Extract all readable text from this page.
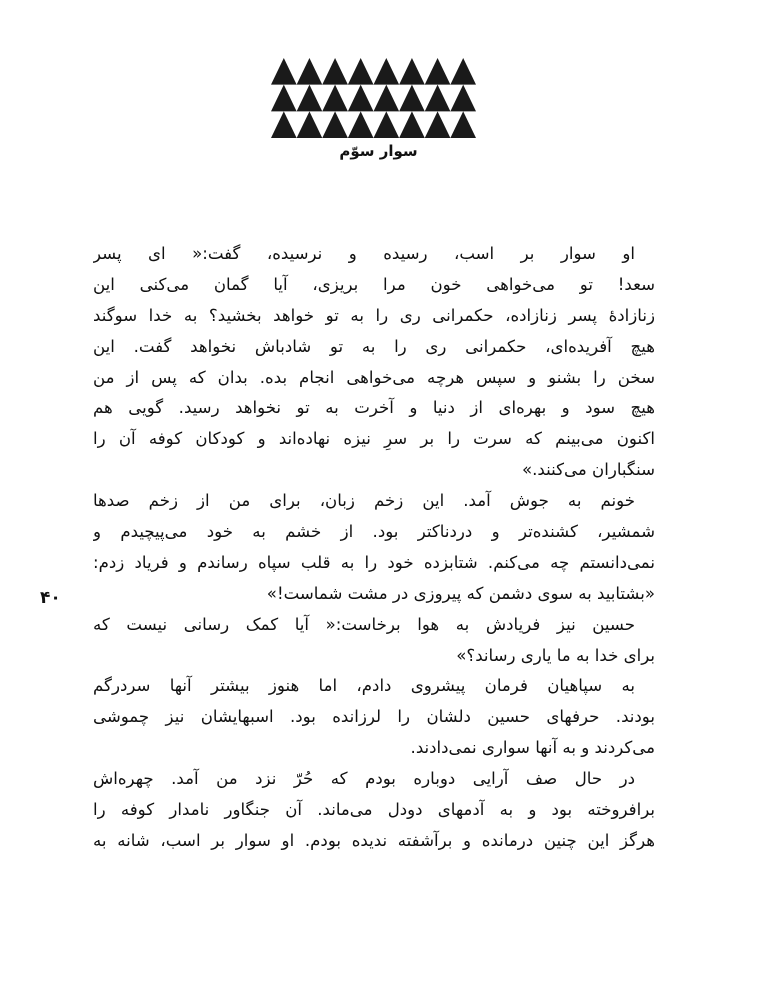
سوار سوّم
او سوار بر اسب، رسیده و نرسیده، گفت:« ای پسر
سعد! تو می‌خواهی خون مرا بریزی، آیا گمان می‌کنی این
زنازادۀ پسر زنازاده، حکمرانی ری را به تو خواهد بخشید؟ به خدا سوگند
هیچ آفریده‌ای، حکمرانی ری را به تو شادباش نخواهد گفت. این
سخن را بشنو و سپس هرچه می‌خواهی انجام بده. بدان که پس از من
هیچ سود و بهره‌ای از دنیا و آخرت به تو نخواهد رسید. گویی هم
اکنون می‌بینم که سرت را بر سرِ نیزه نهاده‌اند و کودکان کوفه آن را
سنگباران می‌کنند.»
خونم به جوش آمد. این زخم زبان، برای من از زخم صدها
شمشیر، کشنده‌تر و دردناکتر بود. از خشم به خود می‌پیچیدم و
نمی‌دانستم چه می‌کنم. شتابزده خود را به قلب سپاه رساندم و فریاد زدم:
«بشتابید به سوی دشمن که پیروزی در مشت شماست!»
حسین نیز فریادش به هوا برخاست:« آیا کمک رسانی نیست که
برای خدا به ما یاری رساند؟»
به سپاهیان فرمان پیشروی دادم، اما هنوز بیشتر آنها سردرگم
بودند. حرفهای حسین دلشان را لرزانده بود. اسبهایشان نیز چموشی
می‌کردند و به آنها سواری نمی‌دادند.
در حال صف آرایی دوباره بودم که حُرّ نزد من آمد. چهره‌اش
برافروخته بود و به آدمهای دودل می‌ماند. آن جنگاور نامدار کوفه را
هرگز این چنین درمانده و برآشفته ندیده بودم. او سوار بر اسب، شانه به
۴۰
